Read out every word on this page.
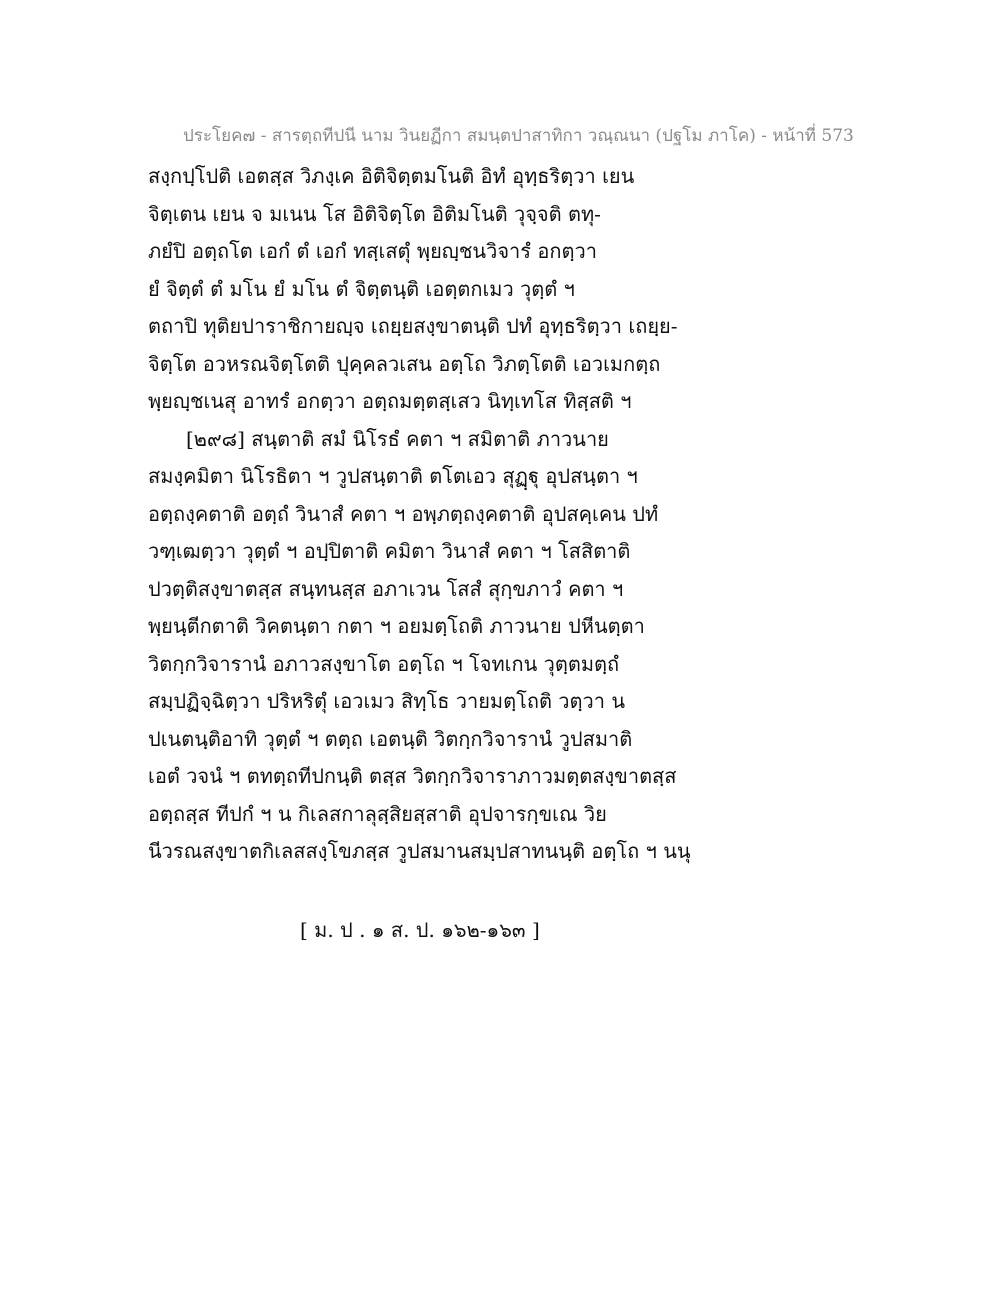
ประโยค๗ - สารตฺถทีปนี นาม วินยฏีกา สมนฺตปาสาทิกา วณฺณนา (ปฐโม ภาโค) - หน้าที่ 573
สงฺกปฺโปติ เอตสฺส วิภงฺเค อิติจิตฺตมโนติ อิทํ อุทฺธริตฺวา เยน
จิตฺเตน เยน จ มเนน โส อิติจิตฺโต อิติมโนติ วุจฺจติ ตทุ-
ภยํปิ อตฺถโต เอกํ ตํ เอกํ ทสฺเสตุํ พฺยญฺชนวิจารํ อกตฺวา
ยํ จิตฺตํ ตํ มโน ยํ มโน ตํ จิตฺตนฺติ เอตฺตกเมว วุตฺตํ ฯ
ตถาปิ ทุติยปาราชิกายญฺจ เถยฺยสงฺขาตนฺติ ปทํ อุทฺธริตฺวา เถยฺย-
จิตฺโต อวหรณจิตฺโตติ ปุคฺคลวเสน อตฺโถ วิภตฺโตติ เอวเมกตฺถ
พฺยญฺชเนสุ อาทรํ อกตฺวา อตฺถมตฺตสฺเสว นิทฺเทโส ทิสฺสติ ฯ
[๒๙๘] สนฺตาติ สมํ นิโรธํ คตา ฯ สมิตาติ ภาวนาย
สมงฺคมิตา นิโรธิตา ฯ วูปสนฺตาติ ตโตเอว สุฏฺฐุ อุปสนฺตา ฯ
อตฺถงฺคตาติ อตฺถํ วินาสํ คตา ฯ อพฺภตฺถงฺคตาติ อุปสคฺเคน ปทํ
วฑฺเฒตฺวา วุตฺตํ ฯ อปฺปิตาติ คมิตา วินาสํ คตา ฯ โสสิตาติ
ปวตฺติสงฺขาตสฺส สนฺทนสฺส อภาเวน โสสํ สุกฺขภาวํ คตา ฯ
พฺยนฺตีกตาติ วิคตนฺตา กตา ฯ อยมตฺโถติ ภาวนาย ปหีนตฺตา
วิตกฺกวิจารานํ อภาวสงฺขาโต อตฺโถ ฯ โจทเกน วุตฺตมตฺถํ
สมฺปฏิจฺฉิตฺวา ปริหริตุํ เอวเมว สิทฺโธ วายมตฺโถติ วตฺวา น
ปเนตนฺติอาทิ วุตฺตํ ฯ ตตฺถ เอตนฺติ วิตกฺกวิจารานํ วูปสมาติ
เอตํ วจนํ ฯ ตทตฺถทีปกนฺติ ตสฺส วิตกฺกวิจาราภาวมตฺตสงฺขาตสฺส
อตฺถสฺส ทีปกํ ฯ น กิเลสกาลุสฺสิยสฺสาติ อุปจารกฺขเณ วิย
นีวรณสงฺขาตกิเลสสงฺโขภสฺส วูปสมานสมฺปสาทนนฺติ อตฺโถ ฯ นนุ
[ ม. ป . ๑ ส. ป. ๑๖๒-๑๖๓ ]
